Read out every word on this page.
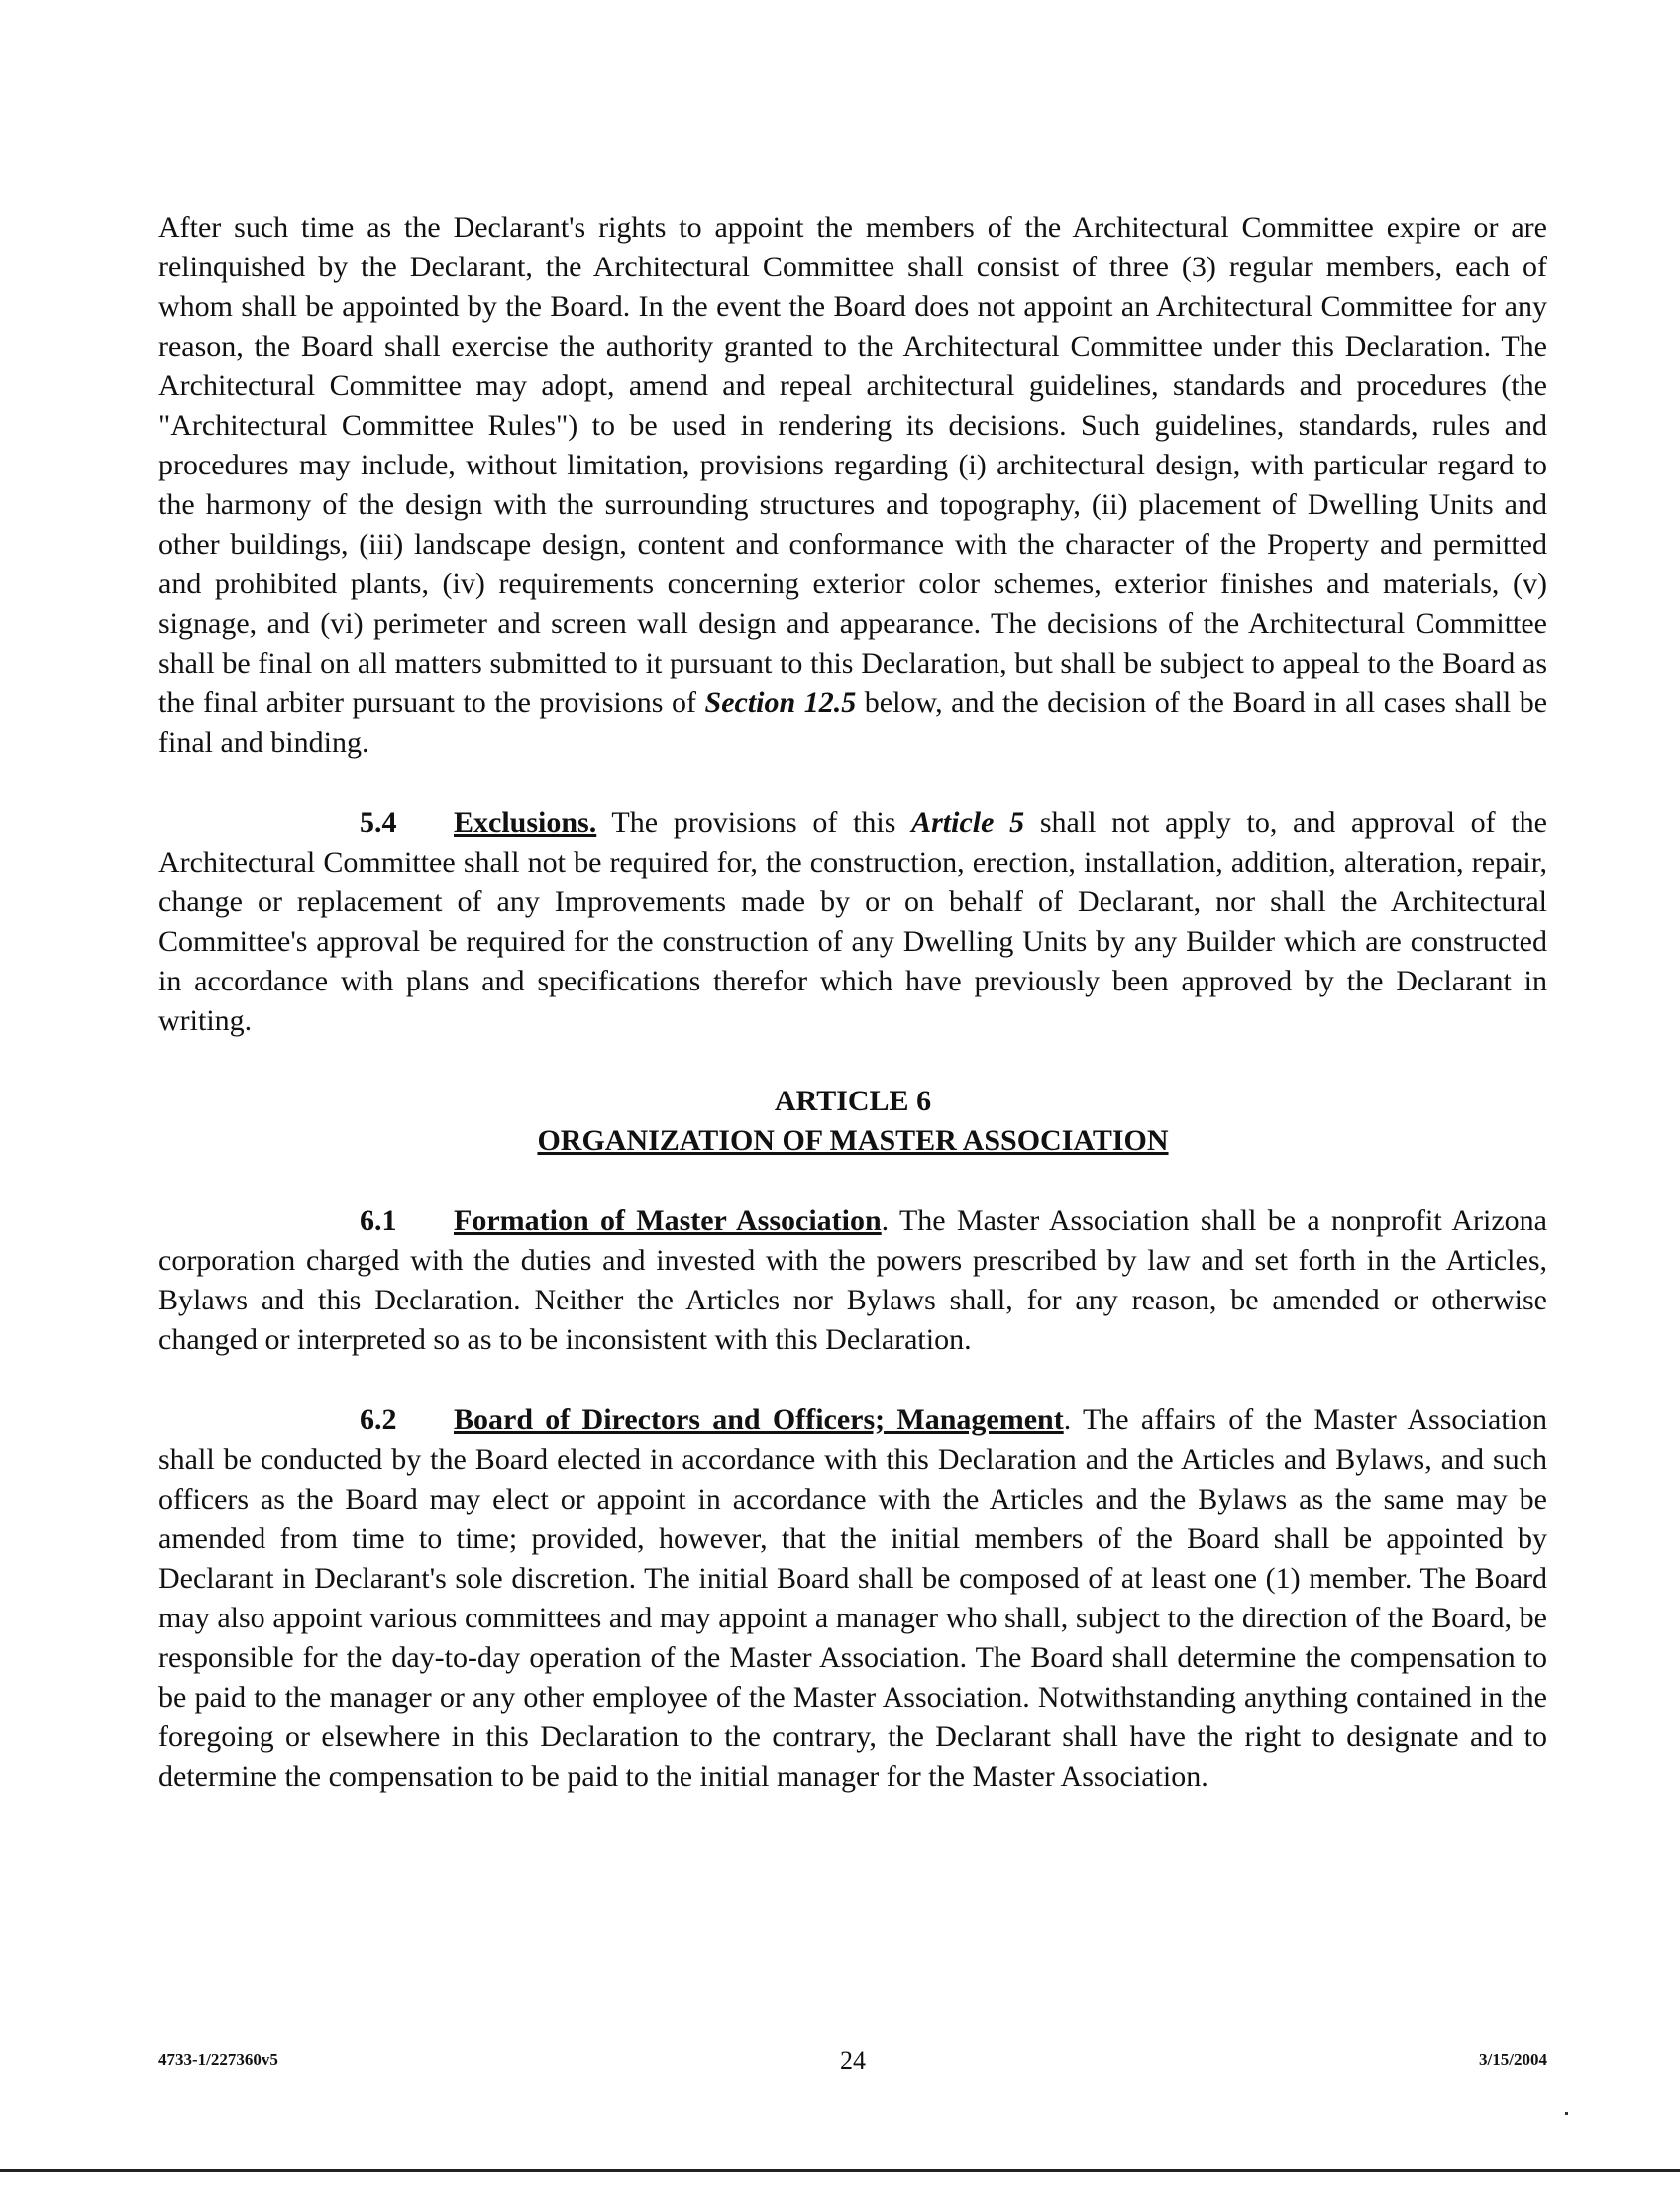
After such time as the Declarant's rights to appoint the members of the Architectural Committee expire or are relinquished by the Declarant, the Architectural Committee shall consist of three (3) regular members, each of whom shall be appointed by the Board. In the event the Board does not appoint an Architectural Committee for any reason, the Board shall exercise the authority granted to the Architectural Committee under this Declaration. The Architectural Committee may adopt, amend and repeal architectural guidelines, standards and procedures (the "Architectural Committee Rules") to be used in rendering its decisions. Such guidelines, standards, rules and procedures may include, without limitation, provisions regarding (i) architectural design, with particular regard to the harmony of the design with the surrounding structures and topography, (ii) placement of Dwelling Units and other buildings, (iii) landscape design, content and conformance with the character of the Property and permitted and prohibited plants, (iv) requirements concerning exterior color schemes, exterior finishes and materials, (v) signage, and (vi) perimeter and screen wall design and appearance. The decisions of the Architectural Committee shall be final on all matters submitted to it pursuant to this Declaration, but shall be subject to appeal to the Board as the final arbiter pursuant to the provisions of Section 12.5 below, and the decision of the Board in all cases shall be final and binding.

5.4 Exclusions. The provisions of this Article 5 shall not apply to, and approval of the Architectural Committee shall not be required for, the construction, erection, installation, addition, alteration, repair, change or replacement of any Improvements made by or on behalf of Declarant, nor shall the Architectural Committee's approval be required for the construction of any Dwelling Units by any Builder which are constructed in accordance with plans and specifications therefor which have previously been approved by the Declarant in writing.

ARTICLE 6
ORGANIZATION OF MASTER ASSOCIATION

6.1 Formation of Master Association. The Master Association shall be a nonprofit Arizona corporation charged with the duties and invested with the powers prescribed by law and set forth in the Articles, Bylaws and this Declaration. Neither the Articles nor Bylaws shall, for any reason, be amended or otherwise changed or interpreted so as to be inconsistent with this Declaration.

6.2 Board of Directors and Officers; Management. The affairs of the Master Association shall be conducted by the Board elected in accordance with this Declaration and the Articles and Bylaws, and such officers as the Board may elect or appoint in accordance with the Articles and the Bylaws as the same may be amended from time to time; provided, however, that the initial members of the Board shall be appointed by Declarant in Declarant's sole discretion. The initial Board shall be composed of at least one (1) member. The Board may also appoint various committees and may appoint a manager who shall, subject to the direction of the Board, be responsible for the day-to-day operation of the Master Association. The Board shall determine the compensation to be paid to the manager or any other employee of the Master Association. Notwithstanding anything contained in the foregoing or elsewhere in this Declaration to the contrary, the Declarant shall have the right to designate and to determine the compensation to be paid to the initial manager for the Master Association.

4733-1/227360v5	24	3/15/2004
